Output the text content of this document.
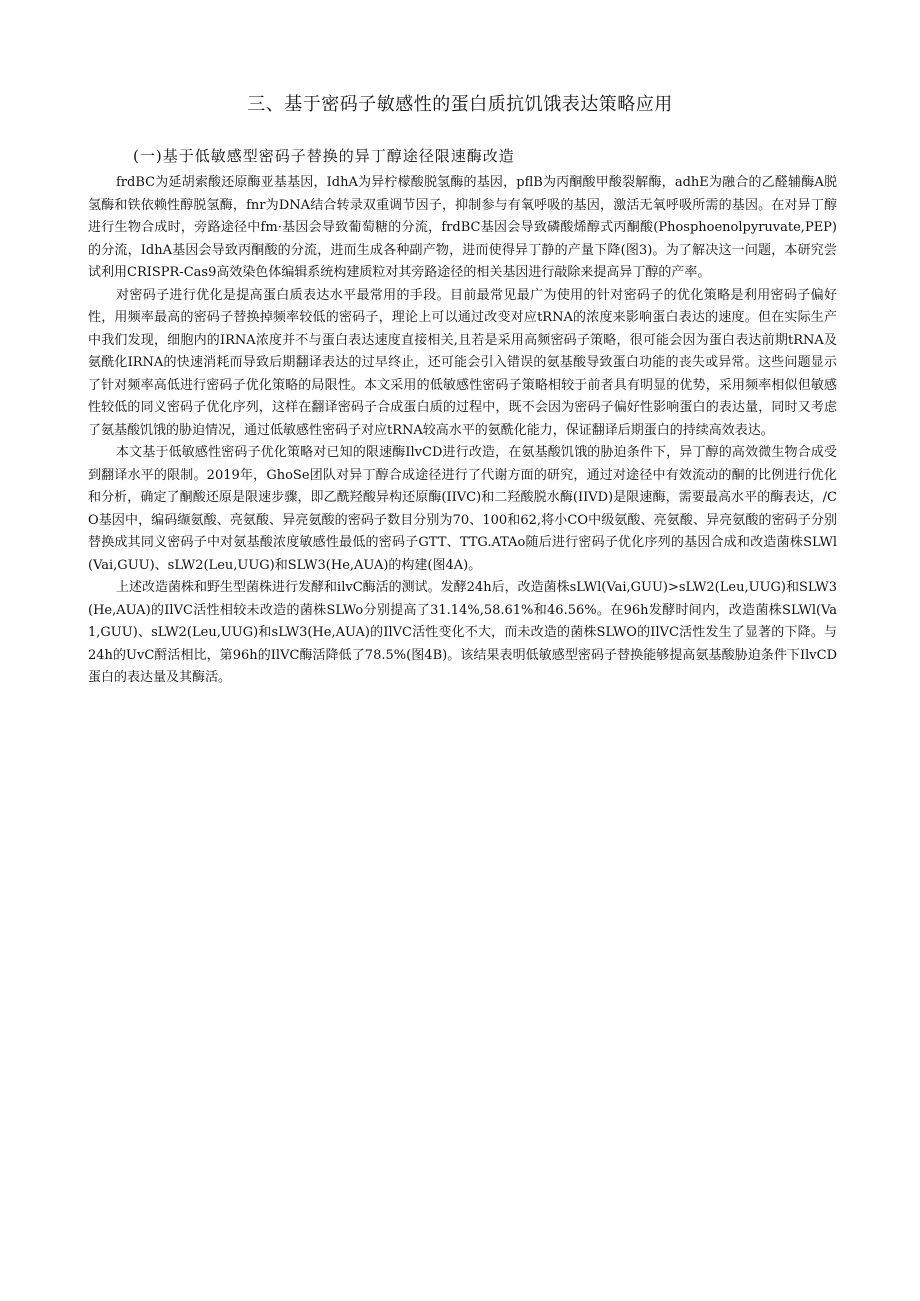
三、基于密码子敏感性的蛋白质抗饥饿表达策略应用
(一)基于低敏感型密码子替换的异丁醇途径限速酶改造

frdBC为延胡索酸还原酶亚基基因，IdhA为异柠檬酸脱氢酶的基因，pflB为丙酮酸甲酸裂解酶，adhE为融合的乙醛辅酶A脱氢酶和铁依赖性醇脱氢酶，fnr为DNA结合转录双重调节因子，抑制参与有氧呼吸的基因，激活无氧呼吸所需的基因。在对异丁醇进行生物合成时，旁路途径中fm·基因会导致葡萄糖的分流，frdBC基因会导致磷酸烯醇式丙酮酸(Phosphoenolpyruvate,PEP)的分流，IdhA基因会导致丙酮酸的分流，进而生成各种副产物，进而使得异丁静的产量下降(图3)。为了解决这一问题，本研究尝试利用CRISPR-Cas9高效染色体编辑系统构建质粒对其旁路途径的相关基因进行敲除来提高异丁醇的产率。

对密码子进行优化是提高蛋白质表达水平最常用的手段。目前最常见最广为使用的针对密码子的优化策略是利用密码子偏好性，用频率最高的密码子替换掉频率较低的密码子，理论上可以通过改变对应tRNA的浓度来影响蛋白表达的速度。但在实际生产中我们发现，细胞内的IRNA浓度并不与蛋白表达速度直接相关,且若是采用高频密码子策略，很可能会因为蛋白表达前期tRNA及氨酰化IRNA的快速消耗而导致后期翻译表达的过早终止，还可能会引入错误的氨基酸导致蛋白功能的丧失或异常。这些问题显示了针对频率高低进行密码子优化策略的局限性。本文采用的低敏感性密码子策略相较于前者具有明显的优势，采用频率相似但敏感性较低的同义密码子优化序列，这样在翻译密码子合成蛋白质的过程中，既不会因为密码子偏好性影响蛋白的表达量，同时又考虑了氨基酸饥饿的胁迫情况，通过低敏感性密码子对应tRNA较高水平的氨酰化能力，保证翻译后期蛋白的持续高效表达。

本文基于低敏感性密码子优化策略对已知的限速酶IlvCD进行改造，在氨基酸饥饿的胁迫条件下，异丁醇的高效微生物合成受到翻译水平的限制。2019年，GhoSe团队对异丁醇合成途径进行了代谢方面的研究，通过对途径中有效流动的酮的比例进行优化和分析，确定了酮酸还原是限速步骤，即乙酰羟酸异构还原酶(IIVC)和二羟酸脱水酶(IIVD)是限速酶，需要最高水平的酶表达，/CO基因中，编码缬氨酸、亮氨酸、异亮氨酸的密码子数目分别为70、100和62,将小CO中级氨酸、亮氨酸、异亮氨酸的密码子分别替换成其同义密码子中对氨基酸浓度敏感性最低的密码子GTT、TTG.ATAo随后进行密码子优化序列的基因合成和改造菌株SLWl(Vai,GUU)、sLW2(Leu,UUG)和SLW3(He,AUA)的构建(图4A)。

上述改造菌株和野生型菌株进行发酵和ilvC酶活的测试。发酵24h后，改造菌株sLWl(Vai,GUU)>sLW2(Leu,UUG)和SLW3(He,AUA)的IlVC活性相较未改造的菌株SLWo分别提高了31.14%,58.61%和46.56%。在96h发酵时间内，改造菌株SLWl(Va1,GUU)、sLW2(Leu,UUG)和sLW3(He,AUA)的IlVC活性变化不大，而未改造的菌株SLWO的IlVC活性发生了显著的下降。与24h的UvC酹活相比，第96h的IlVC酶活降低了78.5%(图4B)。该结果表明低敏感型密码子替换能够提高氨基酸胁迫条件下IlvCD蛋白的表达量及其酶活。
